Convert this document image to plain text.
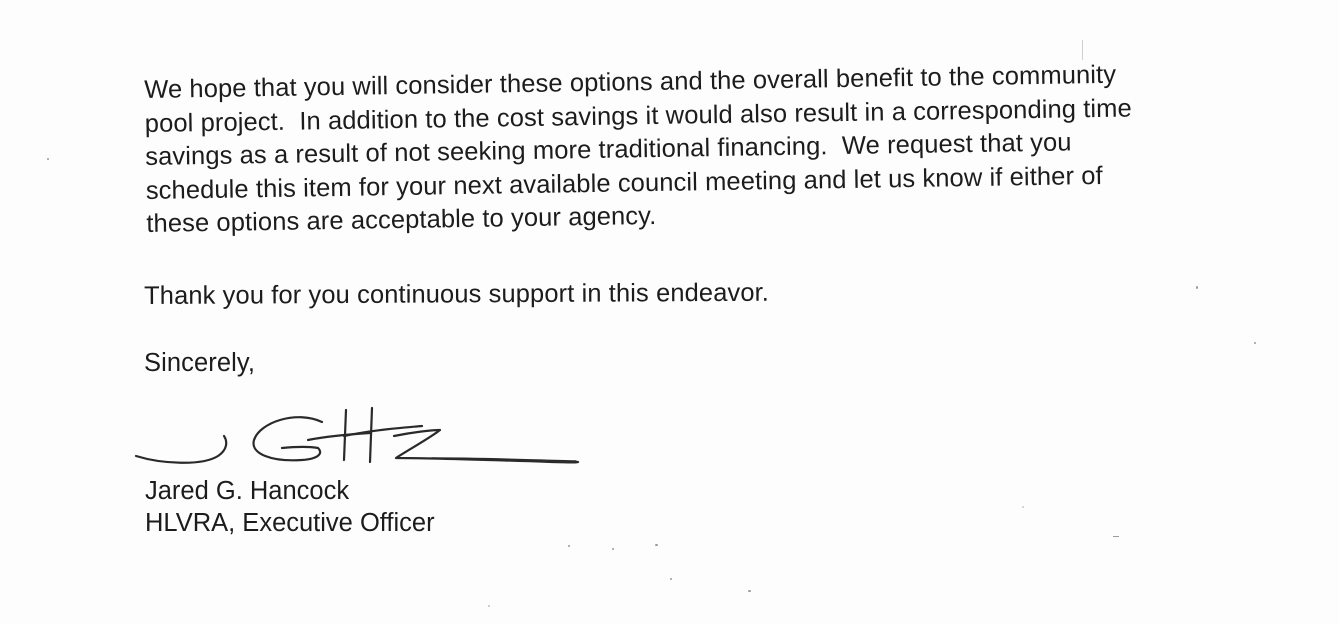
We hope that you will consider these options and the overall benefit to the community
pool project.  In addition to the cost savings it would also result in a corresponding time
savings as a result of not seeking more traditional financing.  We request that you
schedule this item for your next available council meeting and let us know if either of
these options are acceptable to your agency.
Thank you for you continuous support in this endeavor.
Sincerely,
Jared G. Hancock
HLVRA, Executive Officer
